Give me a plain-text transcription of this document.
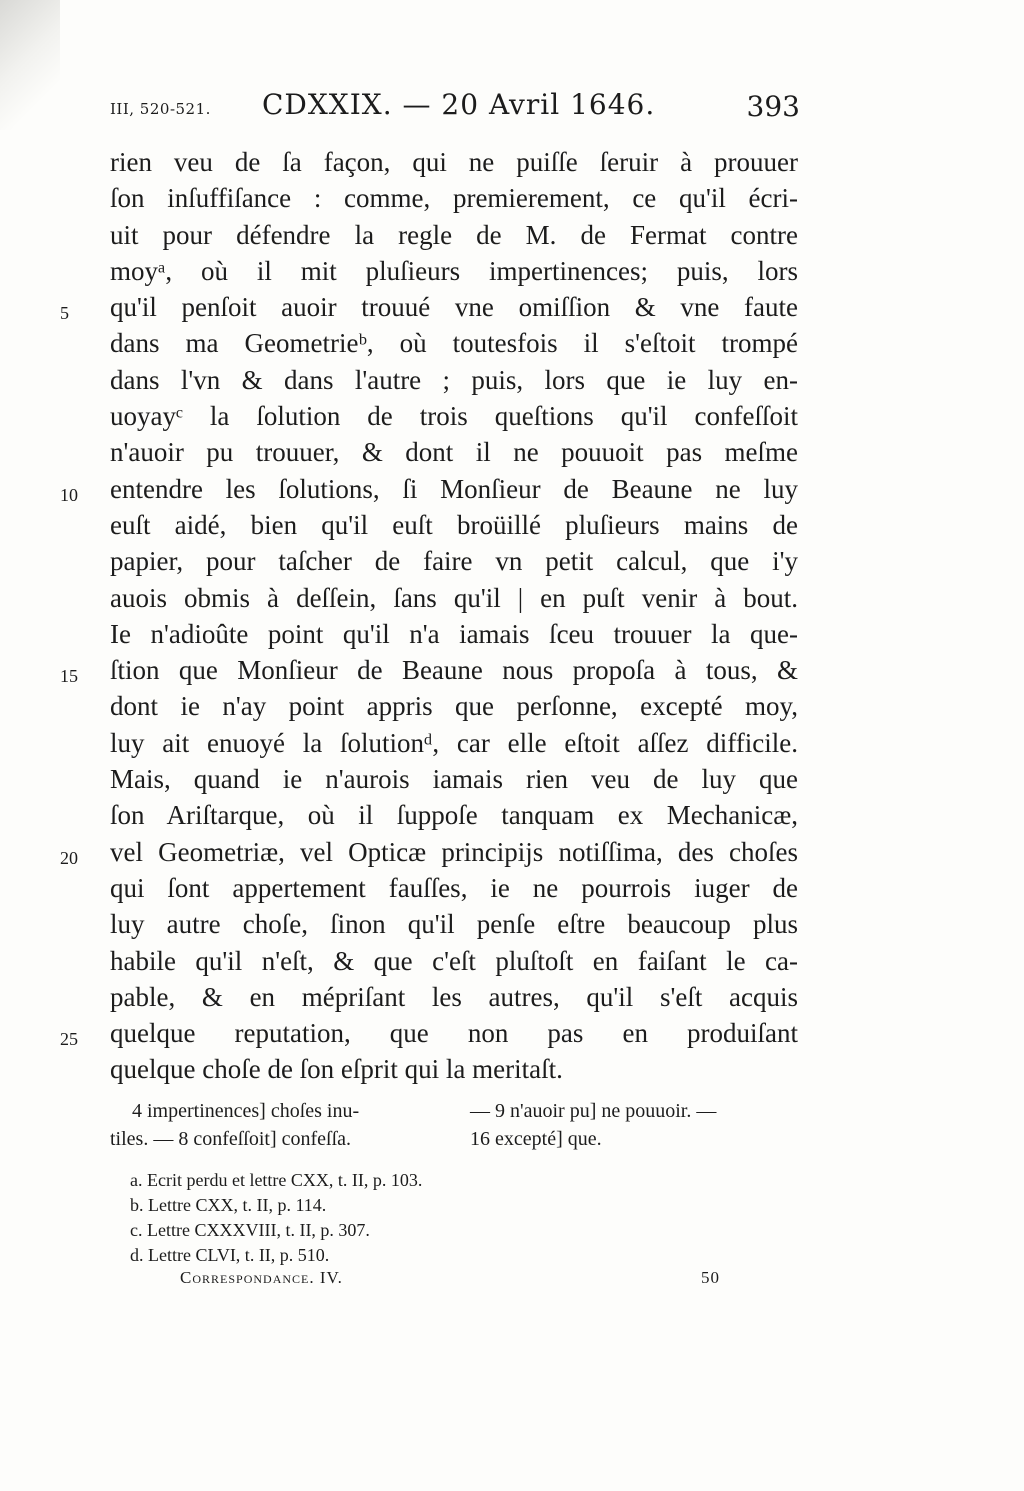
III, 520-521. CDXXIX. — 20 Avril 1646.	393
rien veu de ſa façon, qui ne puiſſe ſeruir à prouuer
ſon inſuffiſance : comme, premierement, ce qu'il écri-
uit pour défendre la regle de M. de Fermat contre
moyᵃ, où il mit pluſieurs impertinences; puis, lors
5	qu'il penſoit auoir trouué vne omiſſion & vne faute
dans ma Geometrieᵇ, où toutesfois il s'eſtoit trompé
dans l'vn & dans l'autre ; puis, lors que ie luy en-
uoyayᶜ la ſolution de trois queſtions qu'il confeſſoit
n'auoir pu trouuer, & dont il ne pouuoit pas meſme
10	entendre les ſolutions, ſi Monſieur de Beaune ne luy
euſt aidé, bien qu'il euſt broüillé pluſieurs mains de
papier, pour taſcher de faire vn petit calcul, que i'y
auois obmis à deſſein, ſans qu'il | en puſt venir à bout.
Ie n'adioûte point qu'il n'a iamais ſceu trouuer la que-
15	ſtion que Monſieur de Beaune nous propoſa à tous, &
dont ie n'ay point appris que perſonne, excepté moy,
luy ait enuoyé la ſolutionᵈ, car elle eſtoit aſſez difficile.
Mais, quand ie n'aurois iamais rien veu de luy que
ſon Ariſtarque, où il ſuppoſe tanquam ex Mechanicæ,
20	vel Geometriæ, vel Opticæ principijs notiſſima, des choſes
qui ſont appertement fauſſes, ie ne pourrois iuger de
luy autre choſe, ſinon qu'il penſe eſtre beaucoup plus
habile qu'il n'eſt, & que c'eſt pluſtoſt en faiſant le ca-
pable, & en mépriſant les autres, qu'il s'eſt acquis
25	quelque reputation, que non pas en produiſant
quelque choſe de ſon eſprit qui la meritaſt.
4 impertinences] choſes inu-
tiles. — 8 confeſſoit] confeſſa.
— 9 n'auoir pu] ne pouuoir. —
16 excepté] que.
a. Ecrit perdu et lettre CXX, t. II, p. 103.
b. Lettre CXX, t. II, p. 114.
c. Lettre CXXXVIII, t. II, p. 307.
d. Lettre CLVI, t. II, p. 510.
Correspondance. IV.	50
